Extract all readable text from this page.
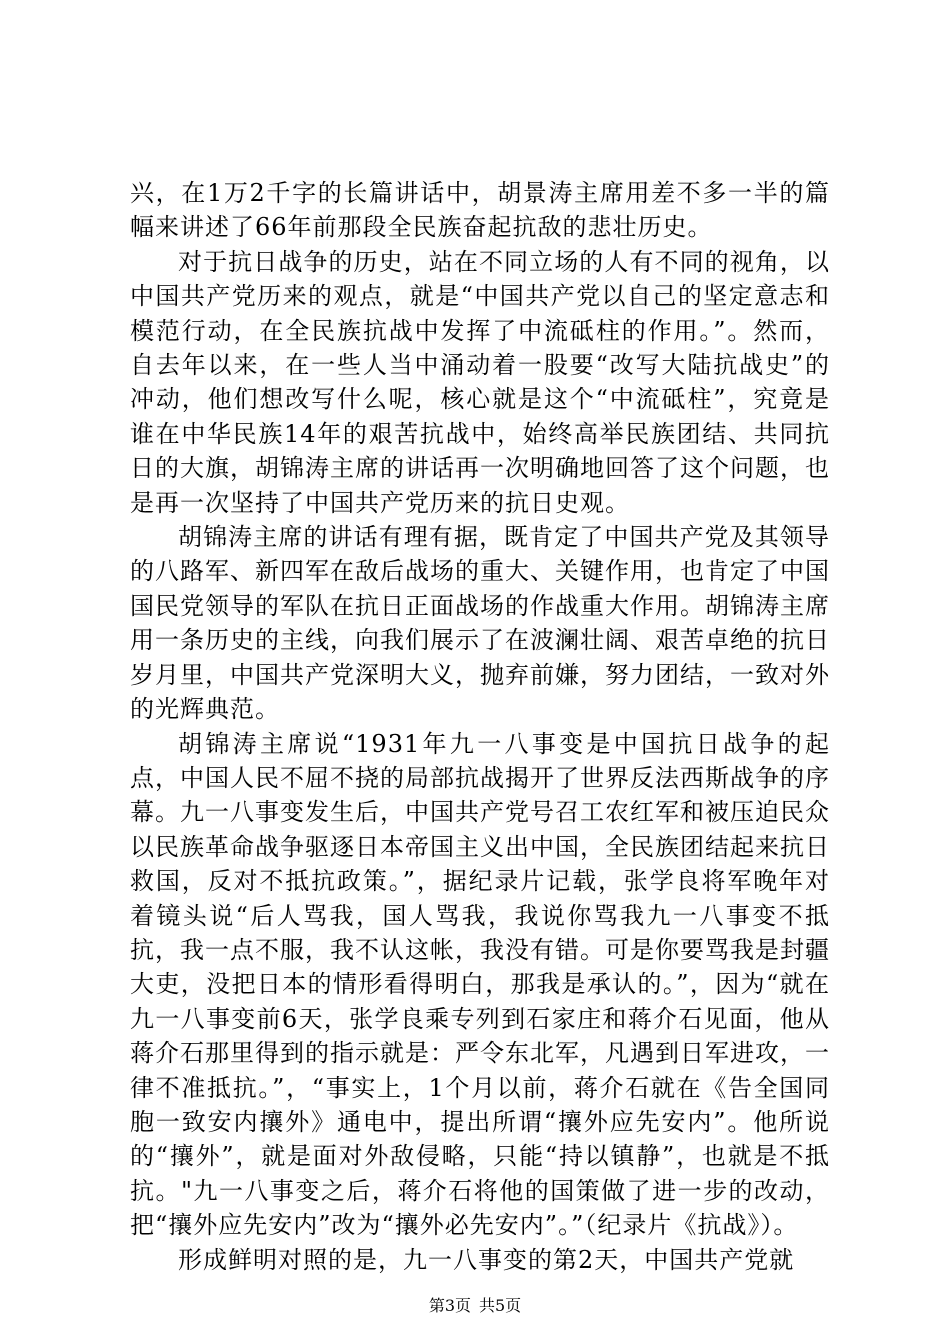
兴，在1万2千字的长篇讲话中，胡景涛主席用差不多一半的篇幅来讲述了66年前那段全民族奋起抗敌的悲壮历史。

对于抗日战争的历史，站在不同立场的人有不同的视角，以中国共产党历来的观点，就是“中国共产党以自己的坚定意志和模范行动，在全民族抗战中发挥了中流砥柱的作用。”。然而，自去年以来，在一些人当中涌动着一股要“改写大陆抗战史”的冲动，他们想改写什么呢，核心就是这个“中流砥柱”，究竟是谁在中华民族14年的艰苦抗战中，始终高举民族团结、共同抗日的大旗，胡锦涛主席的讲话再一次明确地回答了这个问题，也是再一次坚持了中国共产党历来的抗日史观。

胡锦涛主席的讲话有理有据，既肯定了中国共产党及其领导的八路军、新四军在敌后战场的重大、关键作用，也肯定了中国国民党领导的军队在抗日正面战场的作战重大作用。胡锦涛主席用一条历史的主线，向我们展示了在波澜壮阔、艰苦卓绝的抗日岁月里，中国共产党深明大义，抛弃前嫌，努力团结，一致对外的光辉典范。

胡锦涛主席说“1931年九一八事变是中国抗日战争的起点，中国人民不屈不挠的局部抗战揭开了世界反法西斯战争的序幕。九一八事变发生后，中国共产党号召工农红军和被压迫民众以民族革命战争驱逐日本帝国主义出中国，全民族团结起来抗日救国，反对不抵抗政策。”，据纪录片记载，张学良将军晚年对着镜头说“后人骂我，国人骂我，我说你骂我九一八事变不抵抗，我一点不服，我不认这帐，我没有错。可是你要骂我是封疆大吏，没把日本的情形看得明白，那我是承认的。”，因为“就在九一八事变前6天，张学良乘专列到石家庄和蒋介石见面，他从蒋介石那里得到的指示就是：严令东北军，凡遇到日军进攻，一律不准抵抗。”，“事实上，1个月以前，蒋介石就在《告全国同胞一致安内攘外》通电中，提出所谓“攘外应先安内”。他所说的“攘外”，就是面对外敌侵略，只能“持以镇静”，也就是不抵抗。"九一八事变之后，蒋介石将他的国策做了进一步的改动，把“攘外应先安内”改为“攘外必先安内”。”（纪录片《抗战》）。

形成鲜明对照的是，九一八事变的第2天，中国共产党就

第3页 共5页
